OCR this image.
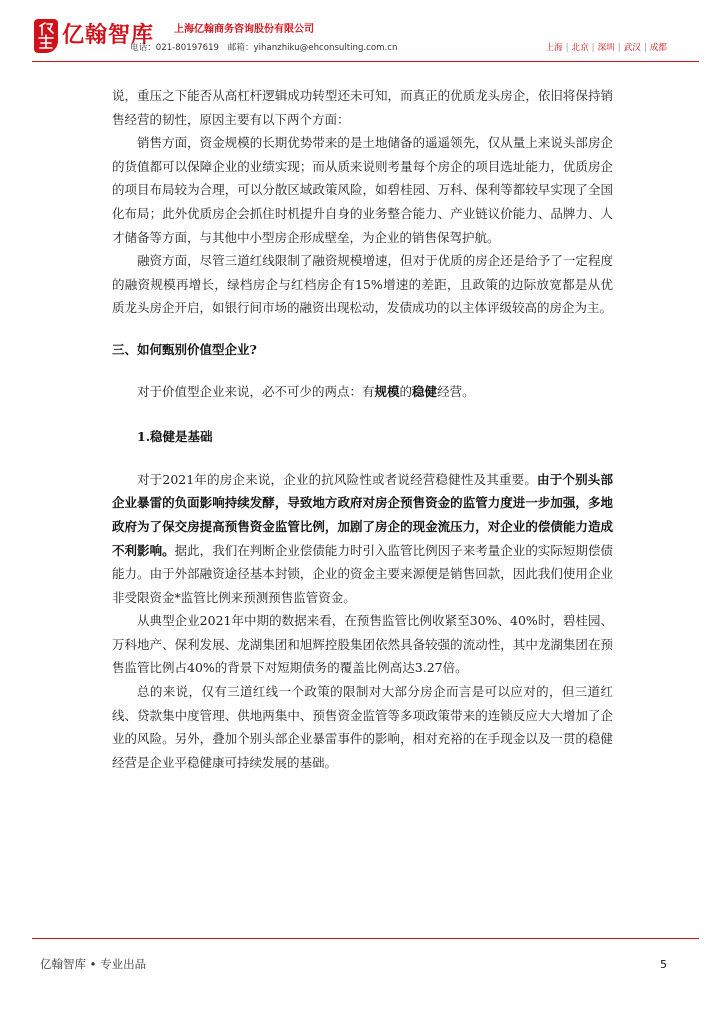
亿翰智库 上海亿翰商务咨询股份有限公司
电话：021-80197619 邮箱：yihanzhiku@ehconsulting.com.cn	上海 | 北京 | 深圳 | 武汉 | 成都

说，重压之下能否从高杠杆逻辑成功转型还未可知，而真正的优质龙头房企，依旧将保持销售经营的韧性，原因主要有以下两个方面：

销售方面，资金规模的长期优势带来的是土地储备的遥遥领先，仅从量上来说头部房企的货值都可以保障企业的业绩实现；而从质来说则考量每个房企的项目选址能力，优质房企的项目布局较为合理，可以分散区域政策风险，如碧桂园、万科、保利等都较早实现了全国化布局；此外优质房企会抓住时机提升自身的业务整合能力、产业链议价能力、品牌力、人才储备等方面，与其他中小型房企形成壁垒，为企业的销售保驾护航。

融资方面，尽管三道红线限制了融资规模增速，但对于优质的房企还是给予了一定程度的融资规模再增长，绿档房企与红档房企有15%增速的差距，且政策的边际放宽都是从优质龙头房企开启，如银行间市场的融资出现松动，发债成功的以主体评级较高的房企为主。

三、如何甄别价值型企业?

对于价值型企业来说，必不可少的两点：有规模的稳健经营。

1.稳健是基础

对于2021年的房企来说，企业的抗风险性或者说经营稳健性及其重要。由于个别头部企业暴雷的负面影响持续发酵，导致地方政府对房企预售资金的监管力度进一步加强，多地政府为了保交房提高预售资金监管比例，加剧了房企的现金流压力，对企业的偿债能力造成不利影响。据此，我们在判断企业偿债能力时引入监管比例因子来考量企业的实际短期偿债能力。由于外部融资途径基本封锁，企业的资金主要来源便是销售回款，因此我们使用企业非受限资金*监管比例来预测预售监管资金。

从典型企业2021年中期的数据来看，在预售监管比例收紧至30%、40%时，碧桂园、万科地产、保利发展、龙湖集团和旭辉控股集团依然具备较强的流动性，其中龙湖集团在预售监管比例占40%的背景下对短期债务的覆盖比例高达3.27倍。

总的来说，仅有三道红线一个政策的限制对大部分房企而言是可以应对的，但三道红线、贷款集中度管理、供地两集中、预售资金监管等多项政策带来的连锁反应大大增加了企业的风险。另外，叠加个别头部企业暴雷事件的影响，相对充裕的在手现金以及一贯的稳健经营是企业平稳健康可持续发展的基础。

亿翰智库 • 专业出品	5
